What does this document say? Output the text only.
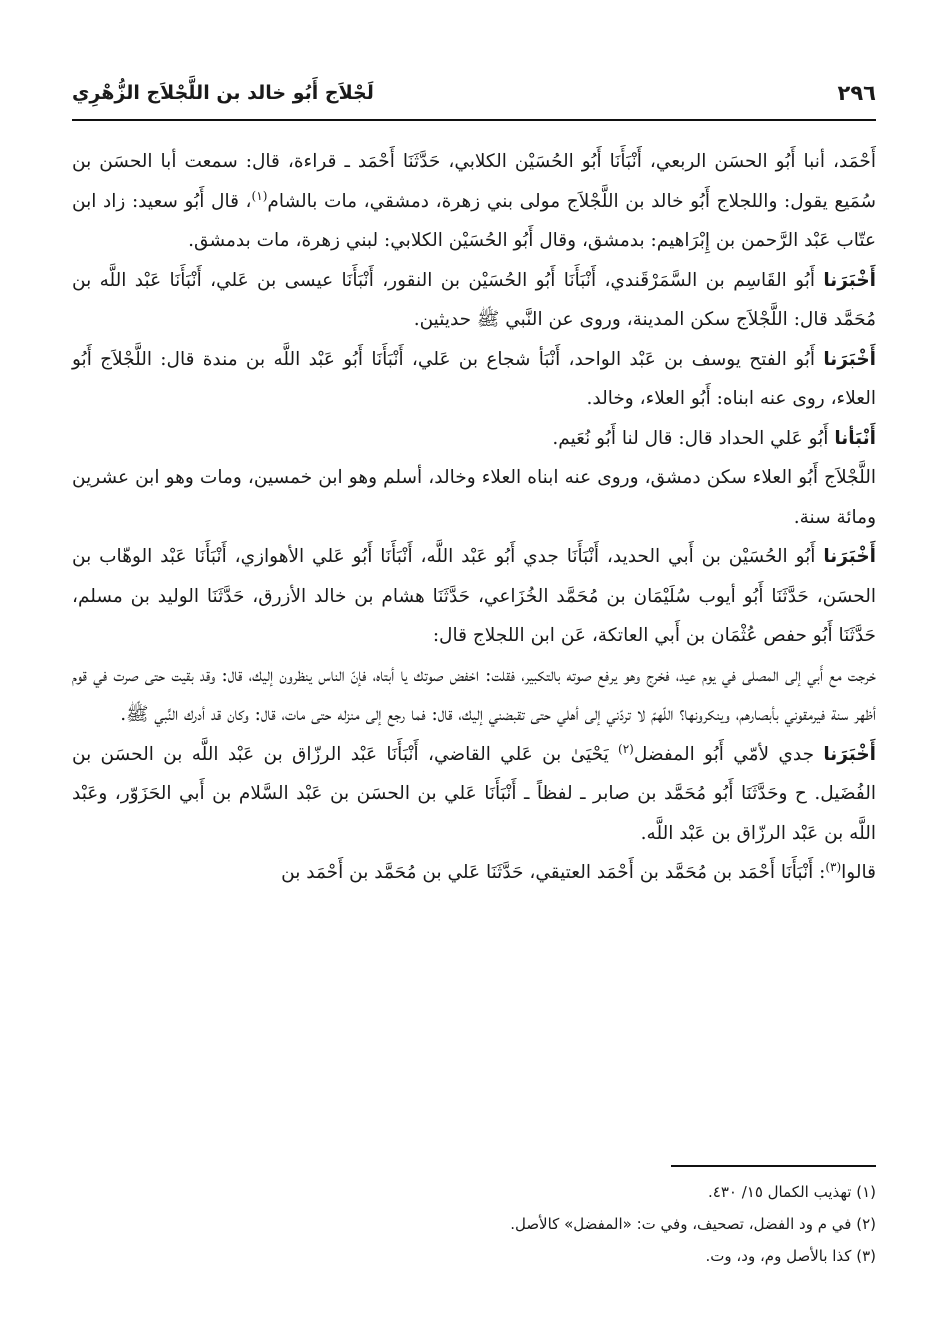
٢٩٦
لَجْلاَج أَبُو خالد بن اللَّجْلاَج الزُّهْرِي

أَحْمَد، أنبا أَبُو الحسَن الربعي، أَنْبَأَنَا أَبُو الحُسَيْن الكلابي، حَدَّثَنَا أَحْمَد ـ قراءة، قال: سمعت أبا الحسَن بن سُمَيع يقول: واللجلاج أَبُو خالد بن اللَّجْلاَج مولى بني زهرة، دمشقي، مات بالشام$^{(١)}$، قال أَبُو سعيد: زاد ابن عتّاب عَبْد الرَّحمن بن إِبْرَاهيم: بدمشق، وقال أَبُو الحُسَيْن الكلابي: لبني زهرة، مات بدمشق.

أَخْبَرَنا أَبُو القَاسِم بن السَّمَرْقَندي، أَنْبَأَنَا أَبُو الحُسَيْن بن النقور، أَنْبَأَنَا عيسى بن عَلي، أَنْبَأَنَا عَبْد اللَّه بن مُحَمَّد قال: اللَّجْلاَج سكن المدينة، وروى عن النَّبي ﷺ حديثين.

أَخْبَرَنا أَبُو الفتح يوسف بن عَبْد الواحد، أَنْبَأ شجاع بن عَلي، أَنْبَأَنَا أَبُو عَبْد اللَّه بن مندة قال: اللَّجْلاَج أَبُو العلاء، روى عنه ابناه: أَبُو العلاء، وخالد.

أَنْبَأنا أَبُو عَلي الحداد قال: قال لنا أَبُو نُعَيم.

اللَّجْلاَج أَبُو العلاء سكن دمشق، وروى عنه ابناه العلاء وخالد، أسلم وهو ابن خمسين، ومات وهو ابن عشرين ومائة سنة.

أَخْبَرَنا أَبُو الحُسَيْن بن أَبي الحديد، أَنْبَأَنَا جدي أَبُو عَبْد اللَّه، أَنْبَأَنَا أَبُو عَلي الأهوازي، أَنْبَأَنَا عَبْد الوهّاب بن الحسَن، حَدَّثَنَا أَبُو أيوب سُلَيْمَان بن مُحَمَّد الخُزَاعي، حَدَّثَنَا هشام بن خالد الأزرق، حَدَّثَنَا الوليد بن مسلم، حَدَّثَنَا أَبُو حفص عُثْمَان بن أَبي العاتكة، عَن ابن اللجلاج قال:

خرجت مع أَبي إلى المصلى في يوم عيد، فخرج وهو يرفع صوته بالتكبير، فقلت: اخفض صوتك يا أبتاه، فإنّ الناس ينظرون إليك، قال: وقد بقيت حتى صرت في قوم أظهر سنة فيرمقوني بأبصارهم، وينكرونها؟ اللّهمّ لا تردّني إلى أهلي حتى تقبضني إليك، قال: فما رجع إلى منزله حتى مات، قال: وكان قد أدرك النَّبي ﷺ.

أَخْبَرَنا جدي لأمّي أَبُو المفضل$^{(٢)}$ يَحْيَىٰ بن عَلي القاضي، أَنْبَأَنَا عَبْد الرزّاق بن عَبْد اللَّه بن الحسَن بن الفُضَيل. ح وحَدَّثَنَا أَبُو مُحَمَّد بن صابر ـ لفظاً ـ أَنْبَأَنَا عَلي بن الحسَن بن عَبْد السَّلام بن أَبي الحَزَوّر، وعَبْد اللَّه بن عَبْد الرزّاق بن عَبْد اللَّه.

قالوا$^{(٣)}$: أَنْبَأَنَا أَحْمَد بن مُحَمَّد بن أَحْمَد العتيقي، حَدَّثَنَا عَلي بن مُحَمَّد بن أَحْمَد بن

(١) تهذيب الكمال ١٥/ ٤٣٠.
(٢) في م ود الفضل، تصحيف، وفي ت: «المفضل» كالأصل.
(٣) كذا بالأصل وم، ود، وت.
